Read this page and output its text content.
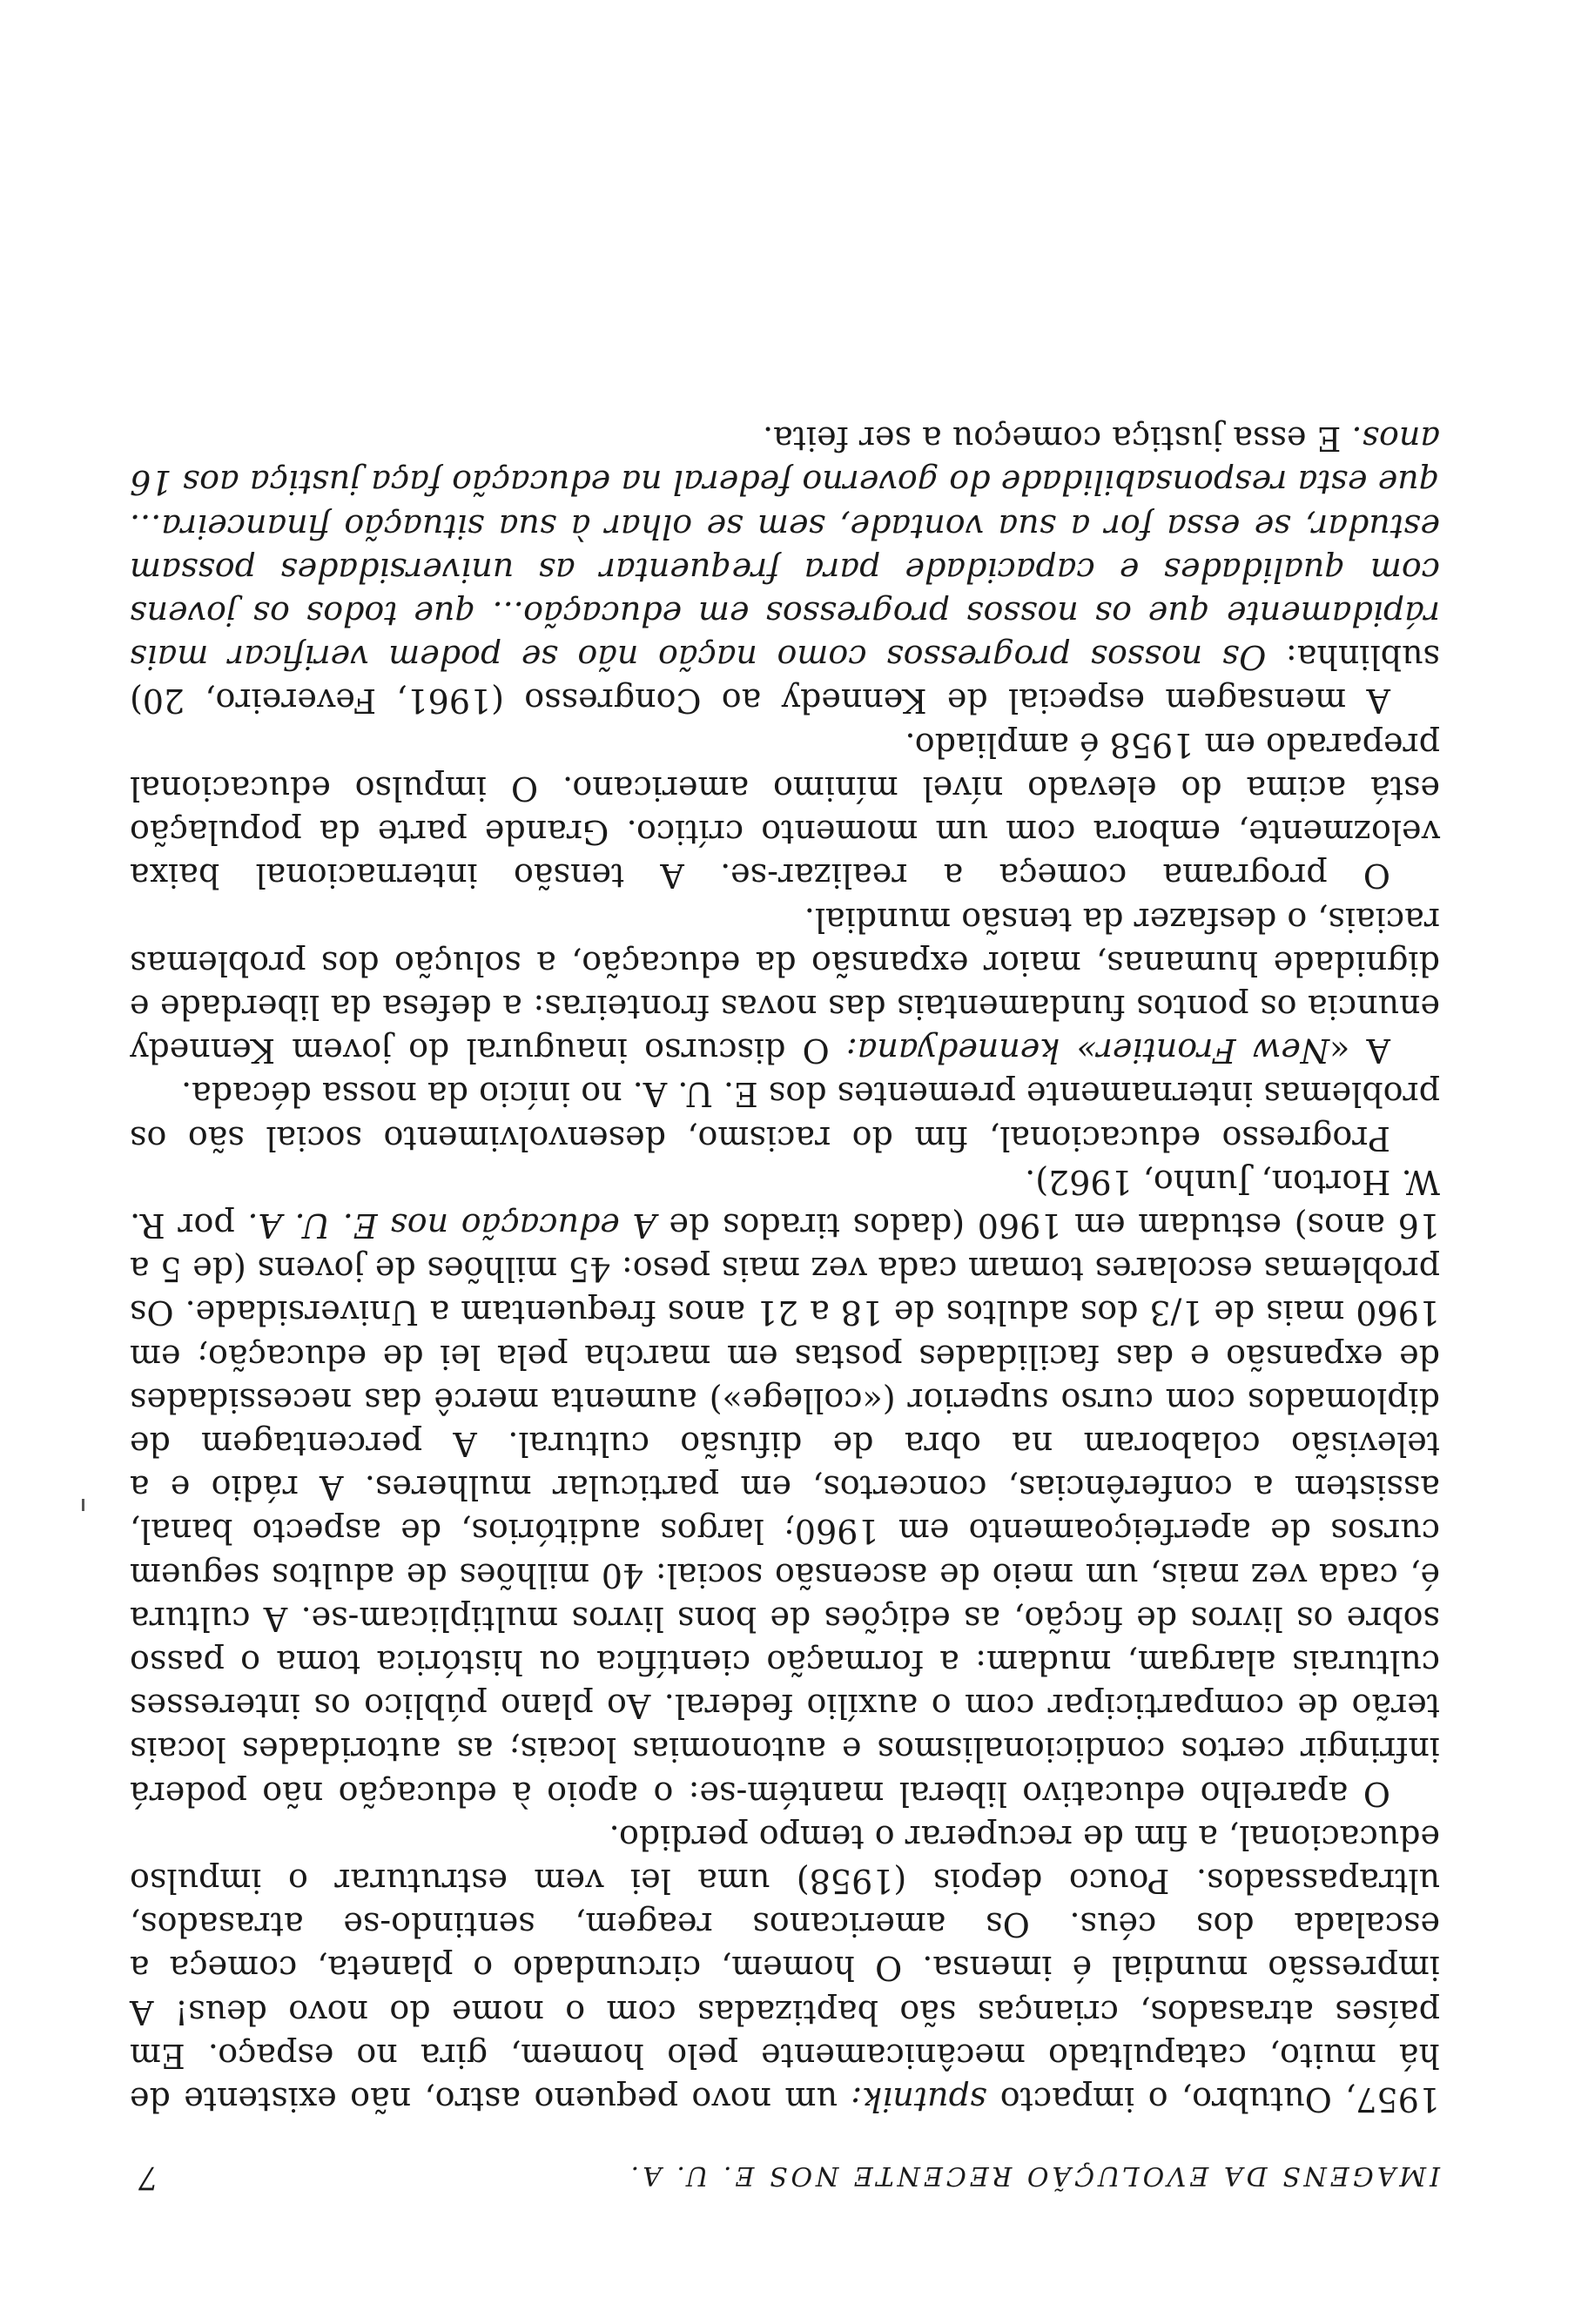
IMAGENS DA EVOLUÇÃO RECENTE NOS E. U. A.
7

1957, Outubro, o impacto sputnik: um novo pequeno astro, não existente de há muito, catapultado mecânicamente pelo homem, gira no espaço. Em países atrasados, crianças são baptizadas com o nome do novo deus! A impressão mundial é imensa. O homem, circundado o planeta, começa a escalada dos céus. Os americanos reagem, sentindo-se atrasados, ultrapassados. Pouco depois (1958) uma lei vem estruturar o impulso educacional, a fim de recuperar o tempo perdido.

O aparelho educativo liberal mantém-se: o apoio à educação não poderá infringir certos condicionalismos e autonomias locais; as autoridades locais terão de comparticipar com o auxílio federal. Ao plano público os interesses culturais alargam, mudam: a formação científica ou histórica toma o passo sobre os livros de ficção, as edições de bons livros multiplicam-se. A cultura é, cada vez mais, um meio de ascensão social: 40 milhões de adultos seguem cursos de aperfeiçoamento em 1960; largos auditórios, de aspecto banal, assistem a conferências, concertos, em particular mulheres. A rádio e a televisão colaboram na obra de difusão cultural. A percentagem de diplomados com curso superior («college») aumenta mercê das necessidades de expansão e das facilidades postas em marcha pela lei de educação; em 1960 mais de 1/3 dos adultos de 18 a 21 anos frequentam a Universidade. Os problemas escolares tomam cada vez mais peso: 45 milhões de jovens (de 5 a 16 anos) estudam em 1960 (dados tirados de A educação nos E. U. A. por R. W. Horton, Junho, 1962).

Progresso educacional, fim do racismo, desenvolvimento social são os problemas internamente prementes dos E. U. A. no início da nossa década.

A «New Frontier» kennedyana: O discurso inaugural do jovem Kennedy enuncia os pontos fundamentais das novas fronteiras: a defesa da liberdade e dignidade humanas, maior expansão da educação, a solução dos problemas raciais, o desfazer da tensão mundial.

O programa começa a realizar-se. A tensão internacional baixa velozmente, embora com um momento crítico. Grande parte da população está acima do elevado nível mínimo americano. O impulso educacional preparado em 1958 é ampliado.

A mensagem especial de Kennedy ao Congresso (1961, Fevereiro, 20) sublinha: Os nossos progressos como nação não se podem verificar mais rápidamente que os nossos progressos em educação... que todos os jovens com qualidades e capacidade para frequentar as universidades possam estudar, se essa for a sua vontade, sem se olhar à sua situação financeira... que esta responsabilidade do governo federal na educação faça justiça aos 16 anos. E essa justiça começou a ser feita.
